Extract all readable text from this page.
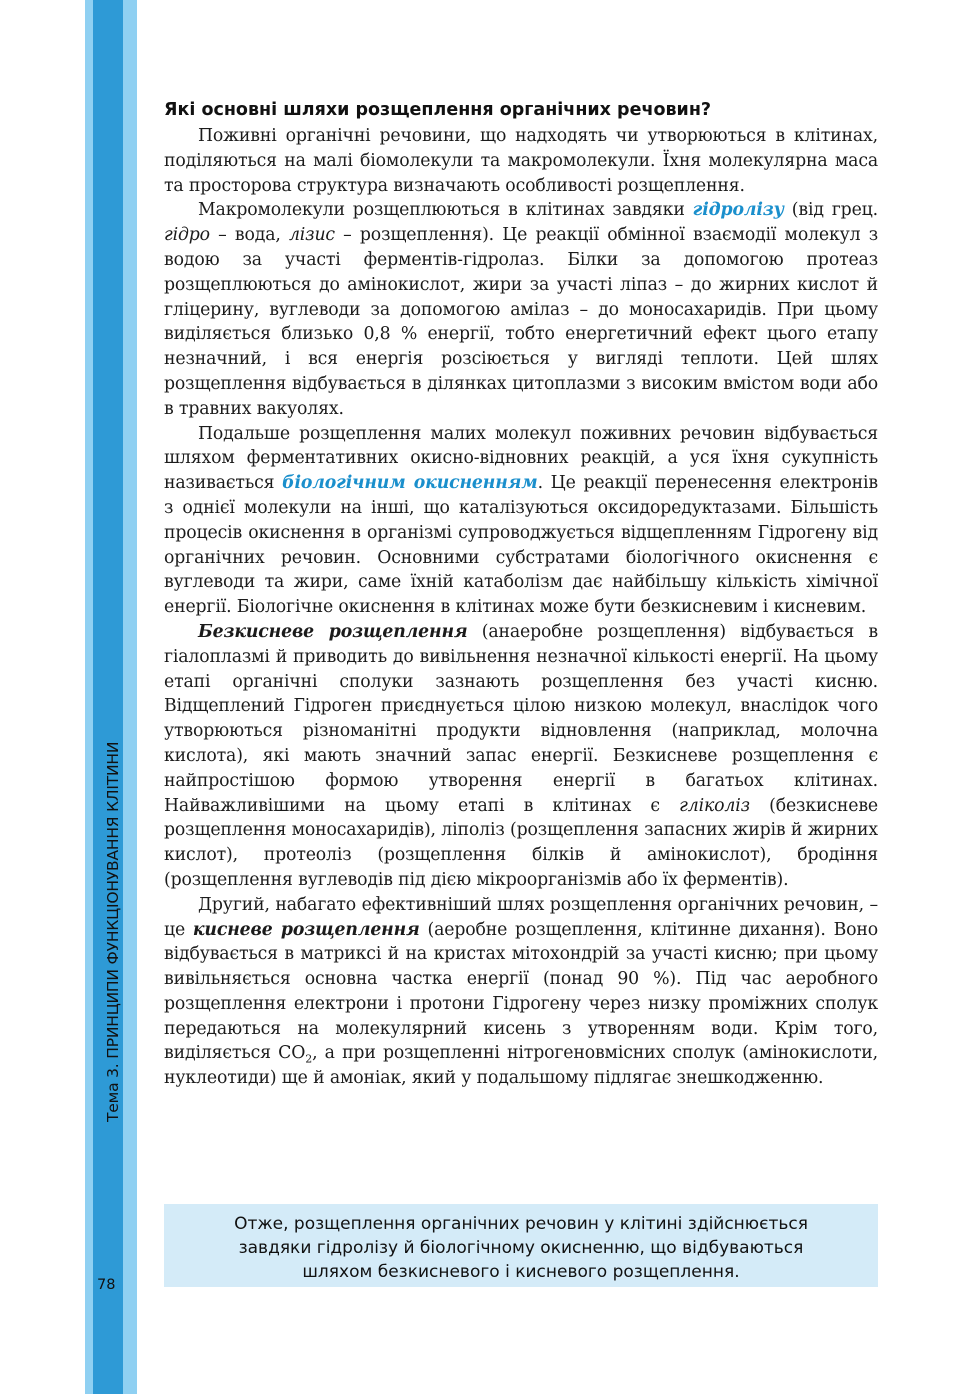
Тема 3. ПРИНЦИПИ ФУНКЦІОНУВАННЯ КЛІТИНИ
78
Які основні шляхи розщеплення органічних речовин?

Поживні органічні речовини, що надходять чи утворюються в клітинах, поділяються на малі біомолекули та макромолекули. Їхня молекулярна маса та просторова структура визначають особливості розщеплення.

Макромолекули розщеплюються в клітинах завдяки гідролізу (від грец. гідро – вода, лізис – розщеплення). Це реакції обмінної взаємодії молекул з водою за участі ферментів-гідролаз. Білки за допомогою протеаз розщеплюються до амінокислот, жири за участі ліпаз – до жирних кислот й гліцерину, вуглеводи за допомогою амілаз – до моносахаридів. При цьому виділяється близько 0,8 % енергії, тобто енергетичний ефект цього етапу незначний, і вся енергія розсіюється у вигляді теплоти. Цей шлях розщеплення відбувається в ділянках цитоплазми з високим вмістом води або в травних вакуолях.

Подальше розщеплення малих молекул поживних речовин відбувається шляхом ферментативних окисно-відновних реакцій, а уся їхня сукупність називається біологічним окисненням. Це реакції перенесення електронів з однієї молекули на інші, що каталізуються оксидоредуктазами. Більшість процесів окиснення в організмі супроводжується відщепленням Гідрогену від органічних речовин. Основними субстратами біологічного окиснення є вуглеводи та жири, саме їхній катаболізм дає найбільшу кількість хімічної енергії. Біологічне окиснення в клітинах може бути безкисневим і кисневим.

Безкисневе розщеплення (анаеробне розщеплення) відбувається в гіалоплазмі й приводить до вивільнення незначної кількості енергії. На цьому етапі органічні сполуки зазнають розщеплення без участі кисню. Відщеплений Гідроген приєднується цілою низкою молекул, внаслідок чого утворюються різноманітні продукти відновлення (наприклад, молочна кислота), які мають значний запас енергії. Безкисневе розщеплення є найпростішою формою утворення енергії в багатьох клітинах. Найважливішими на цьому етапі в клітинах є гліколіз (безкисневе розщеплення моносахаридів), ліполіз (розщеплення запасних жирів й жирних кислот), протеоліз (розщеплення білків й амінокислот), бродіння (розщеплення вуглеводів під дією мікроорганізмів або їх ферментів).

Другий, набагато ефективніший шлях розщеплення органічних речовин, – це кисневе розщеплення (аеробне розщеплення, клітинне дихання). Воно відбувається в матриксі й на кристах мітохондрій за участі кисню; при цьому вивільняється основна частка енергії (понад 90 %). Під час аеробного розщеплення електрони і протони Гідрогену через низку проміжних сполук передаються на молекулярний кисень з утворенням води. Крім того, виділяється $CO_2$, а при розщепленні нітрогеновмісних сполук (амінокислоти, нуклеотиди) ще й амоніак, який у подальшому підлягає знешкодженню.

Отже, розщеплення органічних речовин у клітині здійснюється
завдяки гідролізу й біологічному окисненню, що відбуваються
шляхом безкисневого і кисневого розщеплення.
